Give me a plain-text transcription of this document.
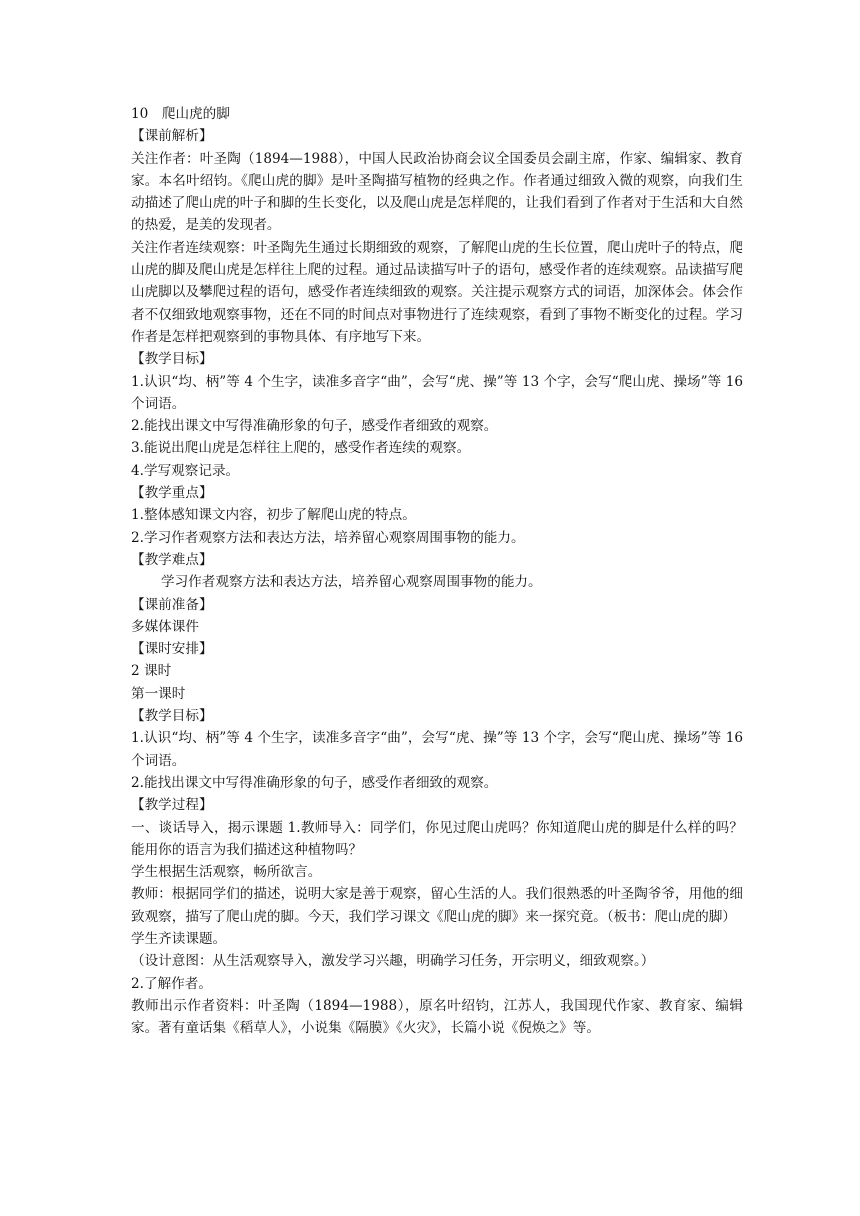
10　爬山虎的脚

【课前解析】

关注作者：叶圣陶（1894—1988），中国人民政治协商会议全国委员会副主席，作家、编辑家、教育家。本名叶绍钧。《爬山虎的脚》是叶圣陶描写植物的经典之作。作者通过细致入微的观察，向我们生动描述了爬山虎的叶子和脚的生长变化，以及爬山虎是怎样爬的，让我们看到了作者对于生活和大自然的热爱，是美的发现者。

关注作者连续观察：叶圣陶先生通过长期细致的观察，了解爬山虎的生长位置，爬山虎叶子的特点，爬山虎的脚及爬山虎是怎样往上爬的过程。通过品读描写叶子的语句，感受作者的连续观察。品读描写爬山虎脚以及攀爬过程的语句，感受作者连续细致的观察。关注提示观察方式的词语，加深体会。体会作者不仅细致地观察事物，还在不同的时间点对事物进行了连续观察，看到了事物不断变化的过程。学习作者是怎样把观察到的事物具体、有序地写下来。

【教学目标】

1.认识“均、柄”等 4 个生字，读准多音字“曲”，会写“虎、操”等 13 个字，会写“爬山虎、操场”等 16 个词语。

2.能找出课文中写得准确形象的句子，感受作者细致的观察。

3.能说出爬山虎是怎样往上爬的，感受作者连续的观察。

4.学写观察记录。

【教学重点】

1.整体感知课文内容，初步了解爬山虎的特点。

2.学习作者观察方法和表达方法，培养留心观察周围事物的能力。

【教学难点】

学习作者观察方法和表达方法，培养留心观察周围事物的能力。

【课前准备】

多媒体课件

【课时安排】

2 课时

第一课时

【教学目标】

1.认识“均、柄”等 4 个生字，读准多音字“曲”，会写“虎、操”等 13 个字，会写“爬山虎、操场”等 16 个词语。

2.能找出课文中写得准确形象的句子，感受作者细致的观察。

【教学过程】

一、谈话导入，揭示课题 1.教师导入：同学们，你见过爬山虎吗？你知道爬山虎的脚是什么样的吗？能用你的语言为我们描述这种植物吗？

学生根据生活观察，畅所欲言。

教师：根据同学们的描述，说明大家是善于观察，留心生活的人。我们很熟悉的叶圣陶爷爷，用他的细致观察，描写了爬山虎的脚。今天，我们学习课文《爬山虎的脚》来一探究竟。（板书：爬山虎的脚）

学生齐读课题。

（设计意图：从生活观察导入，激发学习兴趣，明确学习任务，开宗明义，细致观察。）

2.了解作者。

教师出示作者资料：叶圣陶（1894—1988），原名叶绍钧，江苏人，我国现代作家、教育家、编辑家。著有童话集《稻草人》，小说集《隔膜》《火灾》，长篇小说《倪焕之》等。
